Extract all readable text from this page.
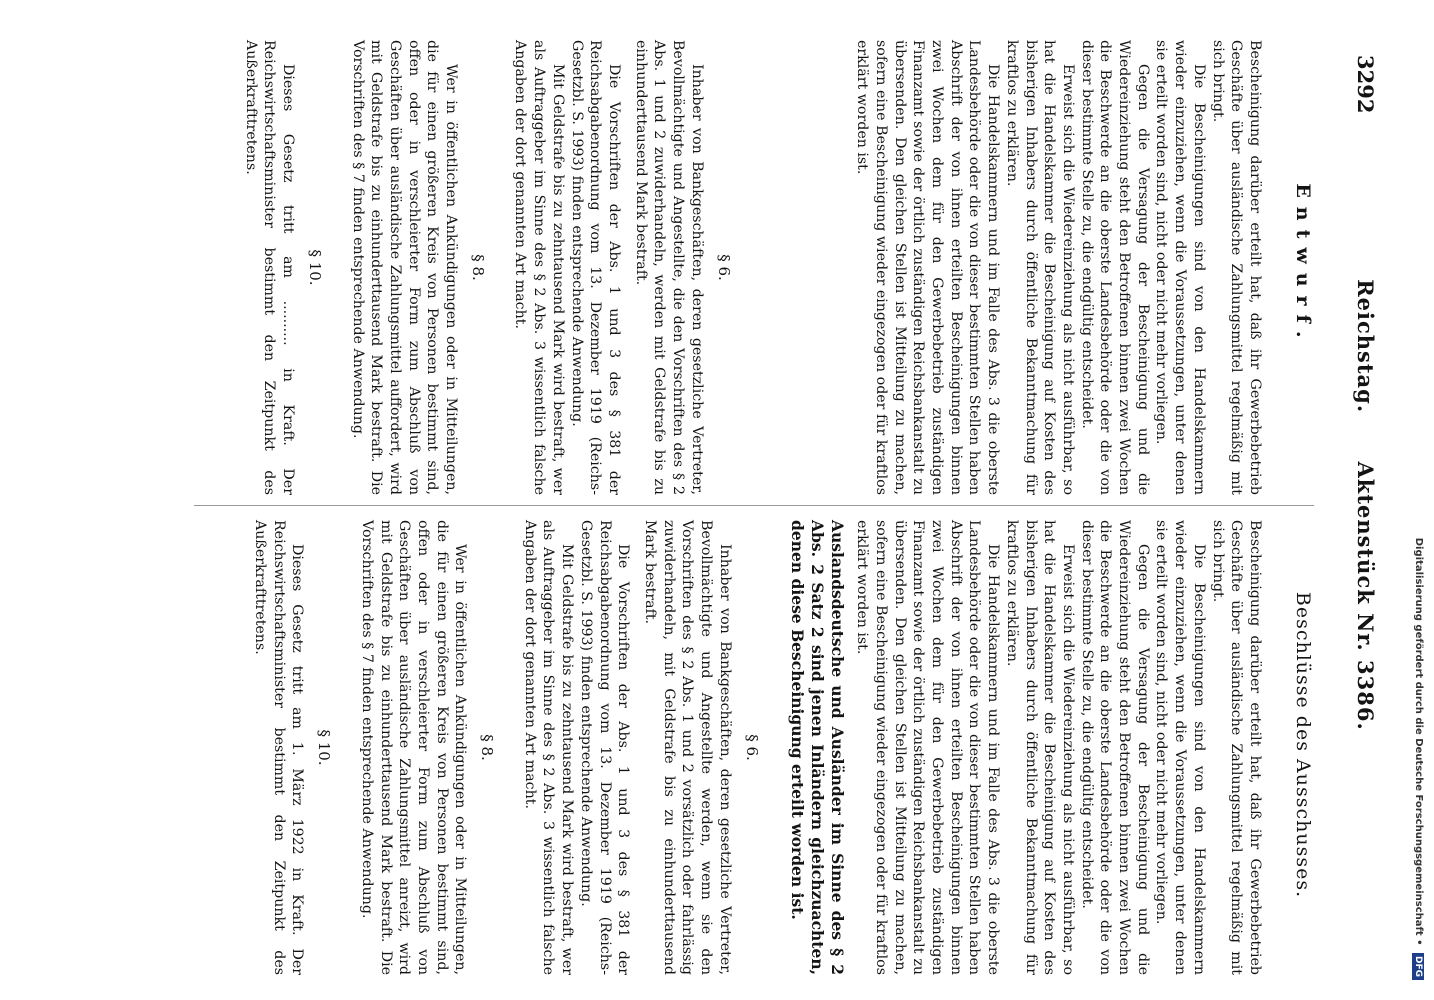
Digitalisierung gefördert durch die Deutsche Forschungsgemeinschaft • DFG
3292
Reichstag. Aktenstück Nr. 3386.
Entwurf.
Beschlüsse des Ausschusses.

Bescheinigung darüber erteilt hat, daß ihr Gewerbebetrieb Geschäfte über ausländische Zahlungsmittel regelmäßig mit sich bringt.

Die Bescheinigungen sind von den Handelskammern wieder einzuziehen, wenn die Voraussetzungen, unter denen sie erteilt worden sind, nicht oder nicht mehr vorliegen.

Gegen die Versagung der Bescheinigung und die Wiedereinziehung steht den Betroffenen binnen zwei Wochen die Beschwerde an die oberste Landesbehörde oder die von dieser bestimmte Stelle zu, die endgültig entscheidet.

Erweist sich die Wiedereinziehung als nicht ausführbar, so hat die Handelskammer die Bescheinigung auf Kosten des bisherigen Inhabers durch öffentliche Bekanntmachung für kraftlos zu erklären.

Die Handelskammern und im Falle des Abs. 3 die oberste Landesbehörde oder die von dieser bestimmten Stellen haben Abschrift der von ihnen erteilten Bescheinigungen binnen zwei Wochen dem für den Gewerbebetrieb zuständigen Finanzamt sowie der örtlich zuständigen Reichsbankanstalt zu übersenden. Den gleichen Stellen ist Mitteilung zu machen, sofern eine Bescheinigung wieder eingezogen oder für kraftlos erklärt worden ist.

§ 6.

Inhaber von Bankgeschäften, deren gesetzliche Vertreter, Bevollmächtigte und Angestellte, die den Vorschriften des § 2 Abs. 1 und 2 zuwiderhandeln, werden mit Geldstrafe bis zu einhunderttausend Mark bestraft.

Die Vorschriften der Abs. 1 und 3 des § 381 der Reichsabgabenordnung vom 13. Dezember 1919 (Reichs-Gesetzbl. S. 1993) finden entsprechende Anwendung.

Mit Geldstrafe bis zu zehntausend Mark wird bestraft, wer als Auftraggeber im Sinne des § 2 Abs. 3 wissentlich falsche Angaben der dort genannten Art macht.

§ 8.

Wer in öffentlichen Ankündigungen oder in Mitteilungen, die für einen größeren Kreis von Personen bestimmt sind, offen oder in verschleierter Form zum Abschluß von Geschäften über ausländische Zahlungsmittel auffordert, wird mit Geldstrafe bis zu einhunderttausend Mark bestraft. Die Vorschriften des § 7 finden entsprechende Anwendung.

§ 10.

Dieses Gesetz tritt am .......... in Kraft. Der Reichswirtschaftsminister bestimmt den Zeitpunkt des Außerkrafttretens.

Bescheinigung darüber erteilt hat, daß ihr Gewerbebetrieb Geschäfte über ausländische Zahlungsmittel regelmäßig mit sich bringt.

Die Bescheinigungen sind von den Handelskammern wieder einzuziehen, wenn die Voraussetzungen, unter denen sie erteilt worden sind, nicht oder nicht mehr vorliegen.

Gegen die Versagung der Bescheinigung und die Wiedereinziehung steht den Betroffenen binnen zwei Wochen die Beschwerde an die oberste Landesbehörde oder die von dieser bestimmte Stelle zu, die endgültig entscheidet.

Erweist sich die Wiedereinziehung als nicht ausführbar, so hat die Handelskammer die Bescheinigung auf Kosten des bisherigen Inhabers durch öffentliche Bekanntmachung für kraftlos zu erklären.

Die Handelskammern und im Falle des Abs. 3 die oberste Landesbehörde oder die von dieser bestimmten Stellen haben Abschrift der von ihnen erteilten Bescheinigungen binnen zwei Wochen dem für den Gewerbebetrieb zuständigen Finanzamt sowie der örtlich zuständigen Reichsbankanstalt zu übersenden. Den gleichen Stellen ist Mitteilung zu machen, sofern eine Bescheinigung wieder eingezogen oder für kraftlos erklärt worden ist.

Auslandsdeutsche und Ausländer im Sinne des § 2 Abs. 2 Satz 2 sind jenen Inländern gleichzuachten, denen diese Bescheinigung erteilt worden ist.

§ 6.

Inhaber von Bankgeschäften, deren gesetzliche Vertreter, Bevollmächtigte und Angestellte werden, wenn sie den Vorschriften des § 2 Abs. 1 und 2 vorsätzlich oder fahrlässig zuwiderhandeln, mit Geldstrafe bis zu einhunderttausend Mark bestraft.

Die Vorschriften der Abs. 1 und 3 des § 381 der Reichsabgabenordnung vom 13. Dezember 1919 (Reichs-Gesetzbl. S. 1993) finden entsprechende Anwendung.

Mit Geldstrafe bis zu zehntausend Mark wird bestraft, wer als Auftraggeber im Sinne des § 2 Abs. 3 wissentlich falsche Angaben der dort genannten Art macht.

§ 8.

Wer in öffentlichen Ankündigungen oder in Mitteilungen, die für einen größeren Kreis von Personen bestimmt sind, offen oder in verschleierter Form zum Abschluß von Geschäften über ausländische Zahlungsmittel anreizt, wird mit Geldstrafe bis zu einhunderttausend Mark bestraft. Die Vorschriften des § 7 finden entsprechende Anwendung.

§ 10.

Dieses Gesetz tritt am 1. März 1922 in Kraft. Der Reichswirtschaftsminister bestimmt den Zeitpunkt des Außerkrafttretens.
